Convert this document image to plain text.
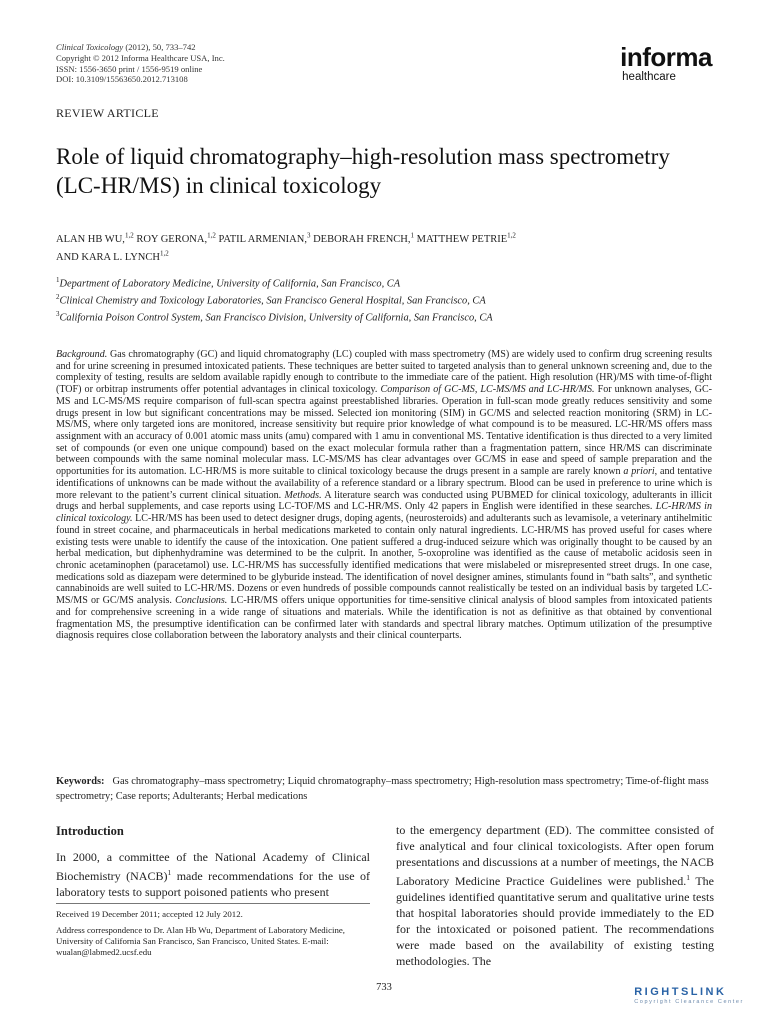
Clinical Toxicology (2012), 50, 733–742
Copyright © 2012 Informa Healthcare USA, Inc.
ISSN: 1556-3650 print / 1556-9519 online
DOI: 10.3109/15563650.2012.713108
informa
healthcare
REVIEW ARTICLE
Role of liquid chromatography–high-resolution mass spectrometry (LC-HR/MS) in clinical toxicology
ALAN HB WU,$^{1,2}$ ROY GERONA,$^{1,2}$ PATIL ARMENIAN,$^3$ DEBORAH FRENCH,$^1$ MATTHEW PETRIE$^{1,2}$
AND KARA L. LYNCH$^{1,2}$
$^1$Department of Laboratory Medicine, University of California, San Francisco, CA
$^2$Clinical Chemistry and Toxicology Laboratories, San Francisco General Hospital, San Francisco, CA
$^3$California Poison Control System, San Francisco Division, University of California, San Francisco, CA
Background. Gas chromatography (GC) and liquid chromatography (LC) coupled with mass spectrometry (MS) are widely used to confirm drug screening results and for urine screening in presumed intoxicated patients. These techniques are better suited to targeted analysis than to general unknown screening and, due to the complexity of testing, results are seldom available rapidly enough to contribute to the immediate care of the patient. High resolution (HR)/MS with time-of-flight (TOF) or orbitrap instruments offer potential advantages in clinical toxicology. Comparison of GC-MS, LC-MS/MS and LC-HR/MS. For unknown analyses, GC-MS and LC-MS/MS require comparison of full-scan spectra against preestablished libraries. Operation in full-scan mode greatly reduces sensitivity and some drugs present in low but significant concentrations may be missed. Selected ion monitoring (SIM) in GC/MS and selected reaction monitoring (SRM) in LC-MS/MS, where only targeted ions are monitored, increase sensitivity but require prior knowledge of what compound is to be measured. LC-HR/MS offers mass assignment with an accuracy of 0.001 atomic mass units (amu) compared with 1 amu in conventional MS. Tentative identification is thus directed to a very limited set of compounds (or even one unique compound) based on the exact molecular formula rather than a fragmentation pattern, since HR/MS can discriminate between compounds with the same nominal molecular mass. LC-MS/MS has clear advantages over GC/MS in ease and speed of sample preparation and the opportunities for its automation. LC-HR/MS is more suitable to clinical toxicology because the drugs present in a sample are rarely known a priori, and tentative identifications of unknowns can be made without the availability of a reference standard or a library spectrum. Blood can be used in preference to urine which is more relevant to the patient’s current clinical situation. Methods. A literature search was conducted using PUBMED for clinical toxicology, adulterants in illicit drugs and herbal supplements, and case reports using LC-TOF/MS and LC-HR/MS. Only 42 papers in English were identified in these searches. LC-HR/MS in clinical toxicology. LC-HR/MS has been used to detect designer drugs, doping agents, (neurosteroids) and adulterants such as levamisole, a veterinary antihelmitic found in street cocaine, and pharmaceuticals in herbal medications marketed to contain only natural ingredients. LC-HR/MS has proved useful for cases where existing tests were unable to identify the cause of the intoxication. One patient suffered a drug-induced seizure which was originally thought to be caused by an herbal medication, but diphenhydramine was determined to be the culprit. In another, 5-oxoproline was identified as the cause of metabolic acidosis seen in chronic acetaminophen (paracetamol) use. LC-HR/MS has successfully identified medications that were mislabeled or misrepresented street drugs. In one case, medications sold as diazepam were determined to be glyburide instead. The identification of novel designer amines, stimulants found in “bath salts”, and synthetic cannabinoids are well suited to LC-HR/MS. Dozens or even hundreds of possible compounds cannot realistically be tested on an individual basis by targeted LC-MS/MS or GC/MS analysis. Conclusions. LC-HR/MS offers unique opportunities for time-sensitive clinical analysis of blood samples from intoxicated patients and for comprehensive screening in a wide range of situations and materials. While the identification is not as definitive as that obtained by conventional fragmentation MS, the presumptive identification can be confirmed later with standards and spectral library matches. Optimum utilization of the presumptive diagnosis requires close collaboration between the laboratory analysts and their clinical counterparts.
Keywords: Gas chromatography–mass spectrometry; Liquid chromatography–mass spectrometry; High-resolution mass spectrometry; Time-of-flight mass spectrometry; Case reports; Adulterants; Herbal medications
Introduction

In 2000, a committee of the National Academy of Clinical Biochemistry (NACB)$^1$ made recommendations for the use of laboratory tests to support poisoned patients who present

to the emergency department (ED). The committee consisted of five analytical and four clinical toxicologists. After open forum presentations and discussions at a number of meetings, the NACB Laboratory Medicine Practice Guidelines were published.$^1$ The guidelines identified quantitative serum and qualitative urine tests that hospital laboratories should provide immediately to the ED for the intoxicated or poisoned patient. The recommendations were made based on the availability of existing testing methodologies. The

Received 19 December 2011; accepted 12 July 2012.

Address correspondence to Dr. Alan Hb Wu, Department of Laboratory Medicine, University of California San Francisco, San Francisco, United States. E-mail: wualan@labmed2.ucsf.edu

733	RIGHTSLINK
Copyright Clearance Center
